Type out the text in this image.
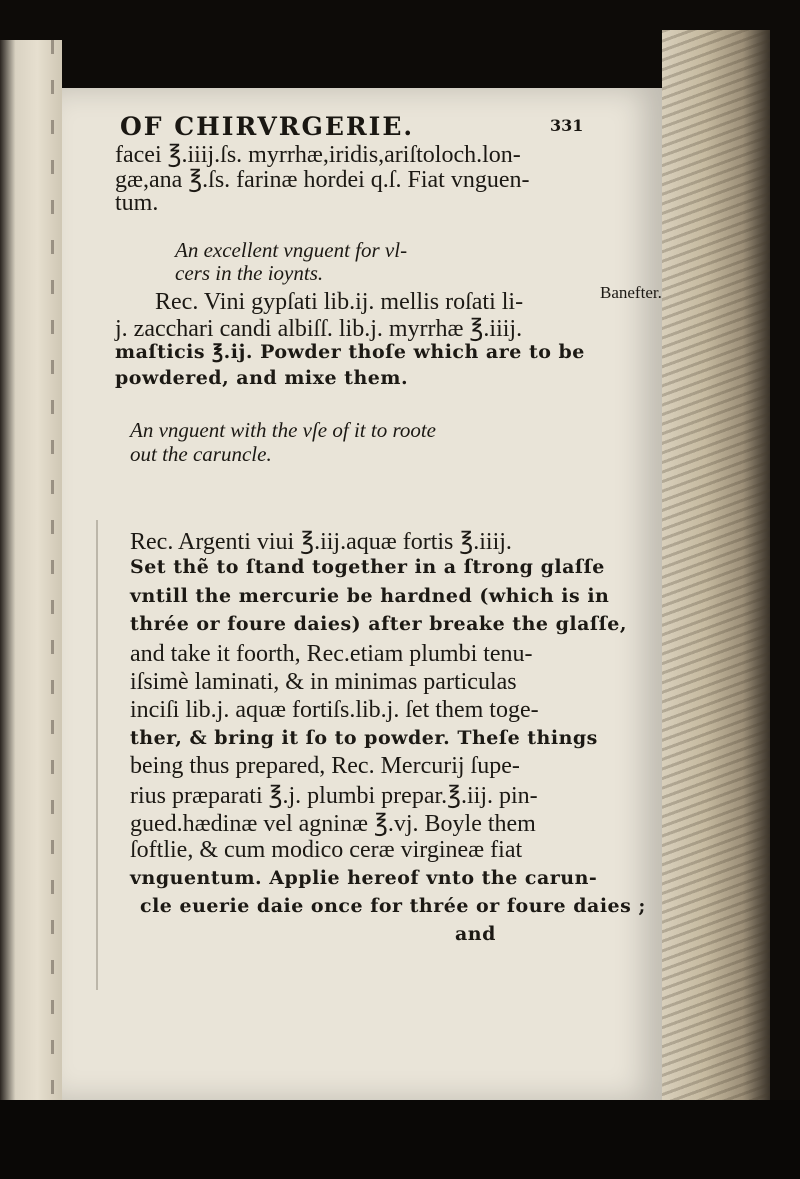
OF CHIRVRGERIE.	331
facei ℥.iiij.ſs. myrrhæ,iridis,ariſtoloch.lon-
gæ,ana ℥.ſs. farinæ hordei q.ſ. Fiat vnguen-
tum.
An excellent vnguent for vl-
cers in the ioynts.
Rec. Vini gypſati lib.ij. mellis roſati li-
j. zacchari candi albiſſ. lib.j. myrrhæ ℥.iiij.
maſticis ℥.ij. Powder thoſe which are to be
powdered, and mixe them.
Banefter.
An vnguent with the vſe of it to roote
out the caruncle.
Rec. Argenti viui ℥.iij.aquæ fortis ℥.iiij.
Set thẽ to ſtand together in a ſtrong glaſſe
vntill the mercurie be hardned (which is in
thrée or foure daies) after breake the glaſſe,
and take it foorth, Rec.etiam plumbi tenu-
iſsimè laminati, & in minimas particulas
inciſi lib.j. aquæ fortiſs.lib.j. ſet them toge-
ther, & bring it ſo to powder. Theſe things
being thus prepared, Rec. Mercurij ſupe-
rius præparati ℥.j. plumbi prepar.℥.iij. pin-
gued.hædinæ vel agninæ ℥.vj. Boyle them
ſoftlie, & cum modico ceræ virgineæ fiat
vnguentum. Applie hereof vnto the carun-
cle euerie daie once for thrée or foure daies ;
and
